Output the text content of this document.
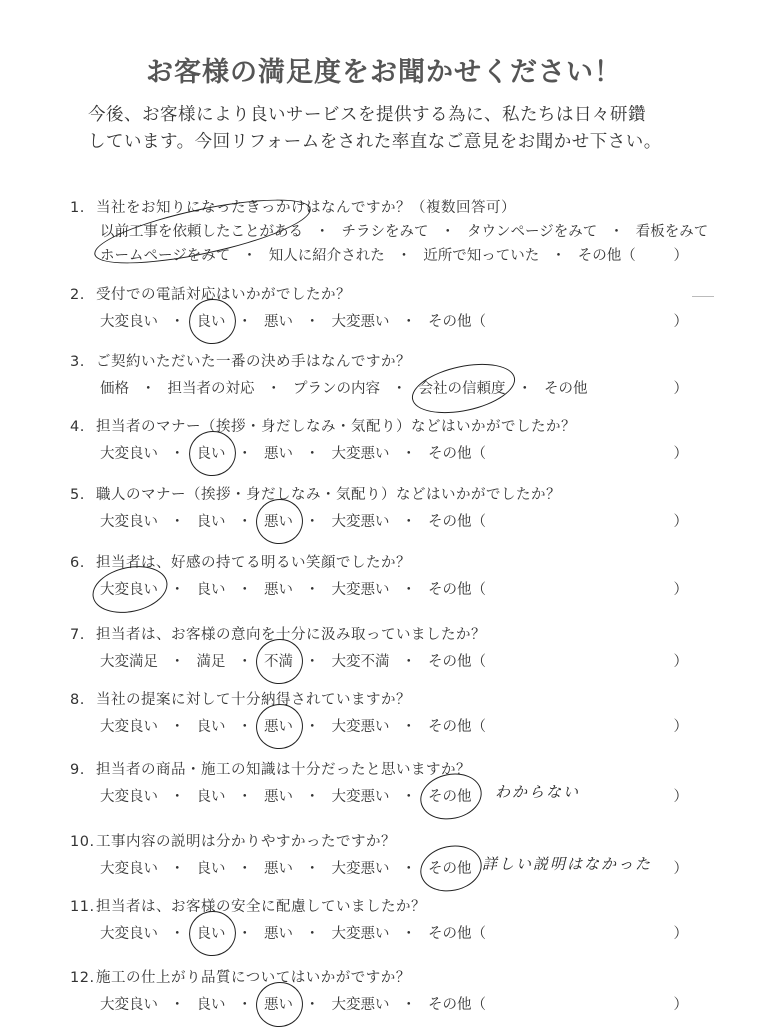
お客様の満足度をお聞かせください！
今後、お客様により良いサービスを提供する為に、私たちは日々研鑽
しています。今回リフォームをされた率直なご意見をお聞かせ下さい。
1. 当社をお知りになったきっかけはなんですか？（複数回答可）
以前工事を依頼したことがある ・ チラシをみて ・ タウンページをみて ・ 看板をみて
ホームページをみて ・ 知人に紹介された ・ 近所で知っていた ・ その他（	）
2. 受付での電話対応はいかがでしたか？
大変良い ・ 良い ・ 悪い ・ 大変悪い ・ その他（	）
3. ご契約いただいた一番の決め手はなんですか？
価格 ・ 担当者の対応 ・ プランの内容 ・ 会社の信頼度 ・ その他	）
4. 担当者のマナー（挨拶・身だしなみ・気配り）などはいかがでしたか？
大変良い ・ 良い ・ 悪い ・ 大変悪い ・ その他（	）
5. 職人のマナー（挨拶・身だしなみ・気配り）などはいかがでしたか？
大変良い ・ 良い ・ 悪い ・ 大変悪い ・ その他（	）
6. 担当者は、好感の持てる明るい笑顔でしたか？
大変良い ・ 良い ・ 悪い ・ 大変悪い ・ その他（	）
7. 担当者は、お客様の意向を十分に汲み取っていましたか？
大変満足 ・ 満足 ・ 不満 ・ 大変不満 ・ その他（	）
8. 当社の提案に対して十分納得されていますか？
大変良い ・ 良い ・ 悪い ・ 大変悪い ・ その他（	）
9. 担当者の商品・施工の知識は十分だったと思いますか？
大変良い ・ 良い ・ 悪い ・ 大変悪い ・ その他	）
わからない
10.工事内容の説明は分かりやすかったですか？
大変良い ・ 良い ・ 悪い ・ 大変悪い ・ その他	）
詳しい説明はなかった
11.担当者は、お客様の安全に配慮していましたか？
大変良い ・ 良い ・ 悪い ・ 大変悪い ・ その他（	）
12.施工の仕上がり品質についてはいかがですか？
大変良い ・ 良い ・ 悪い ・ 大変悪い ・ その他（	）
